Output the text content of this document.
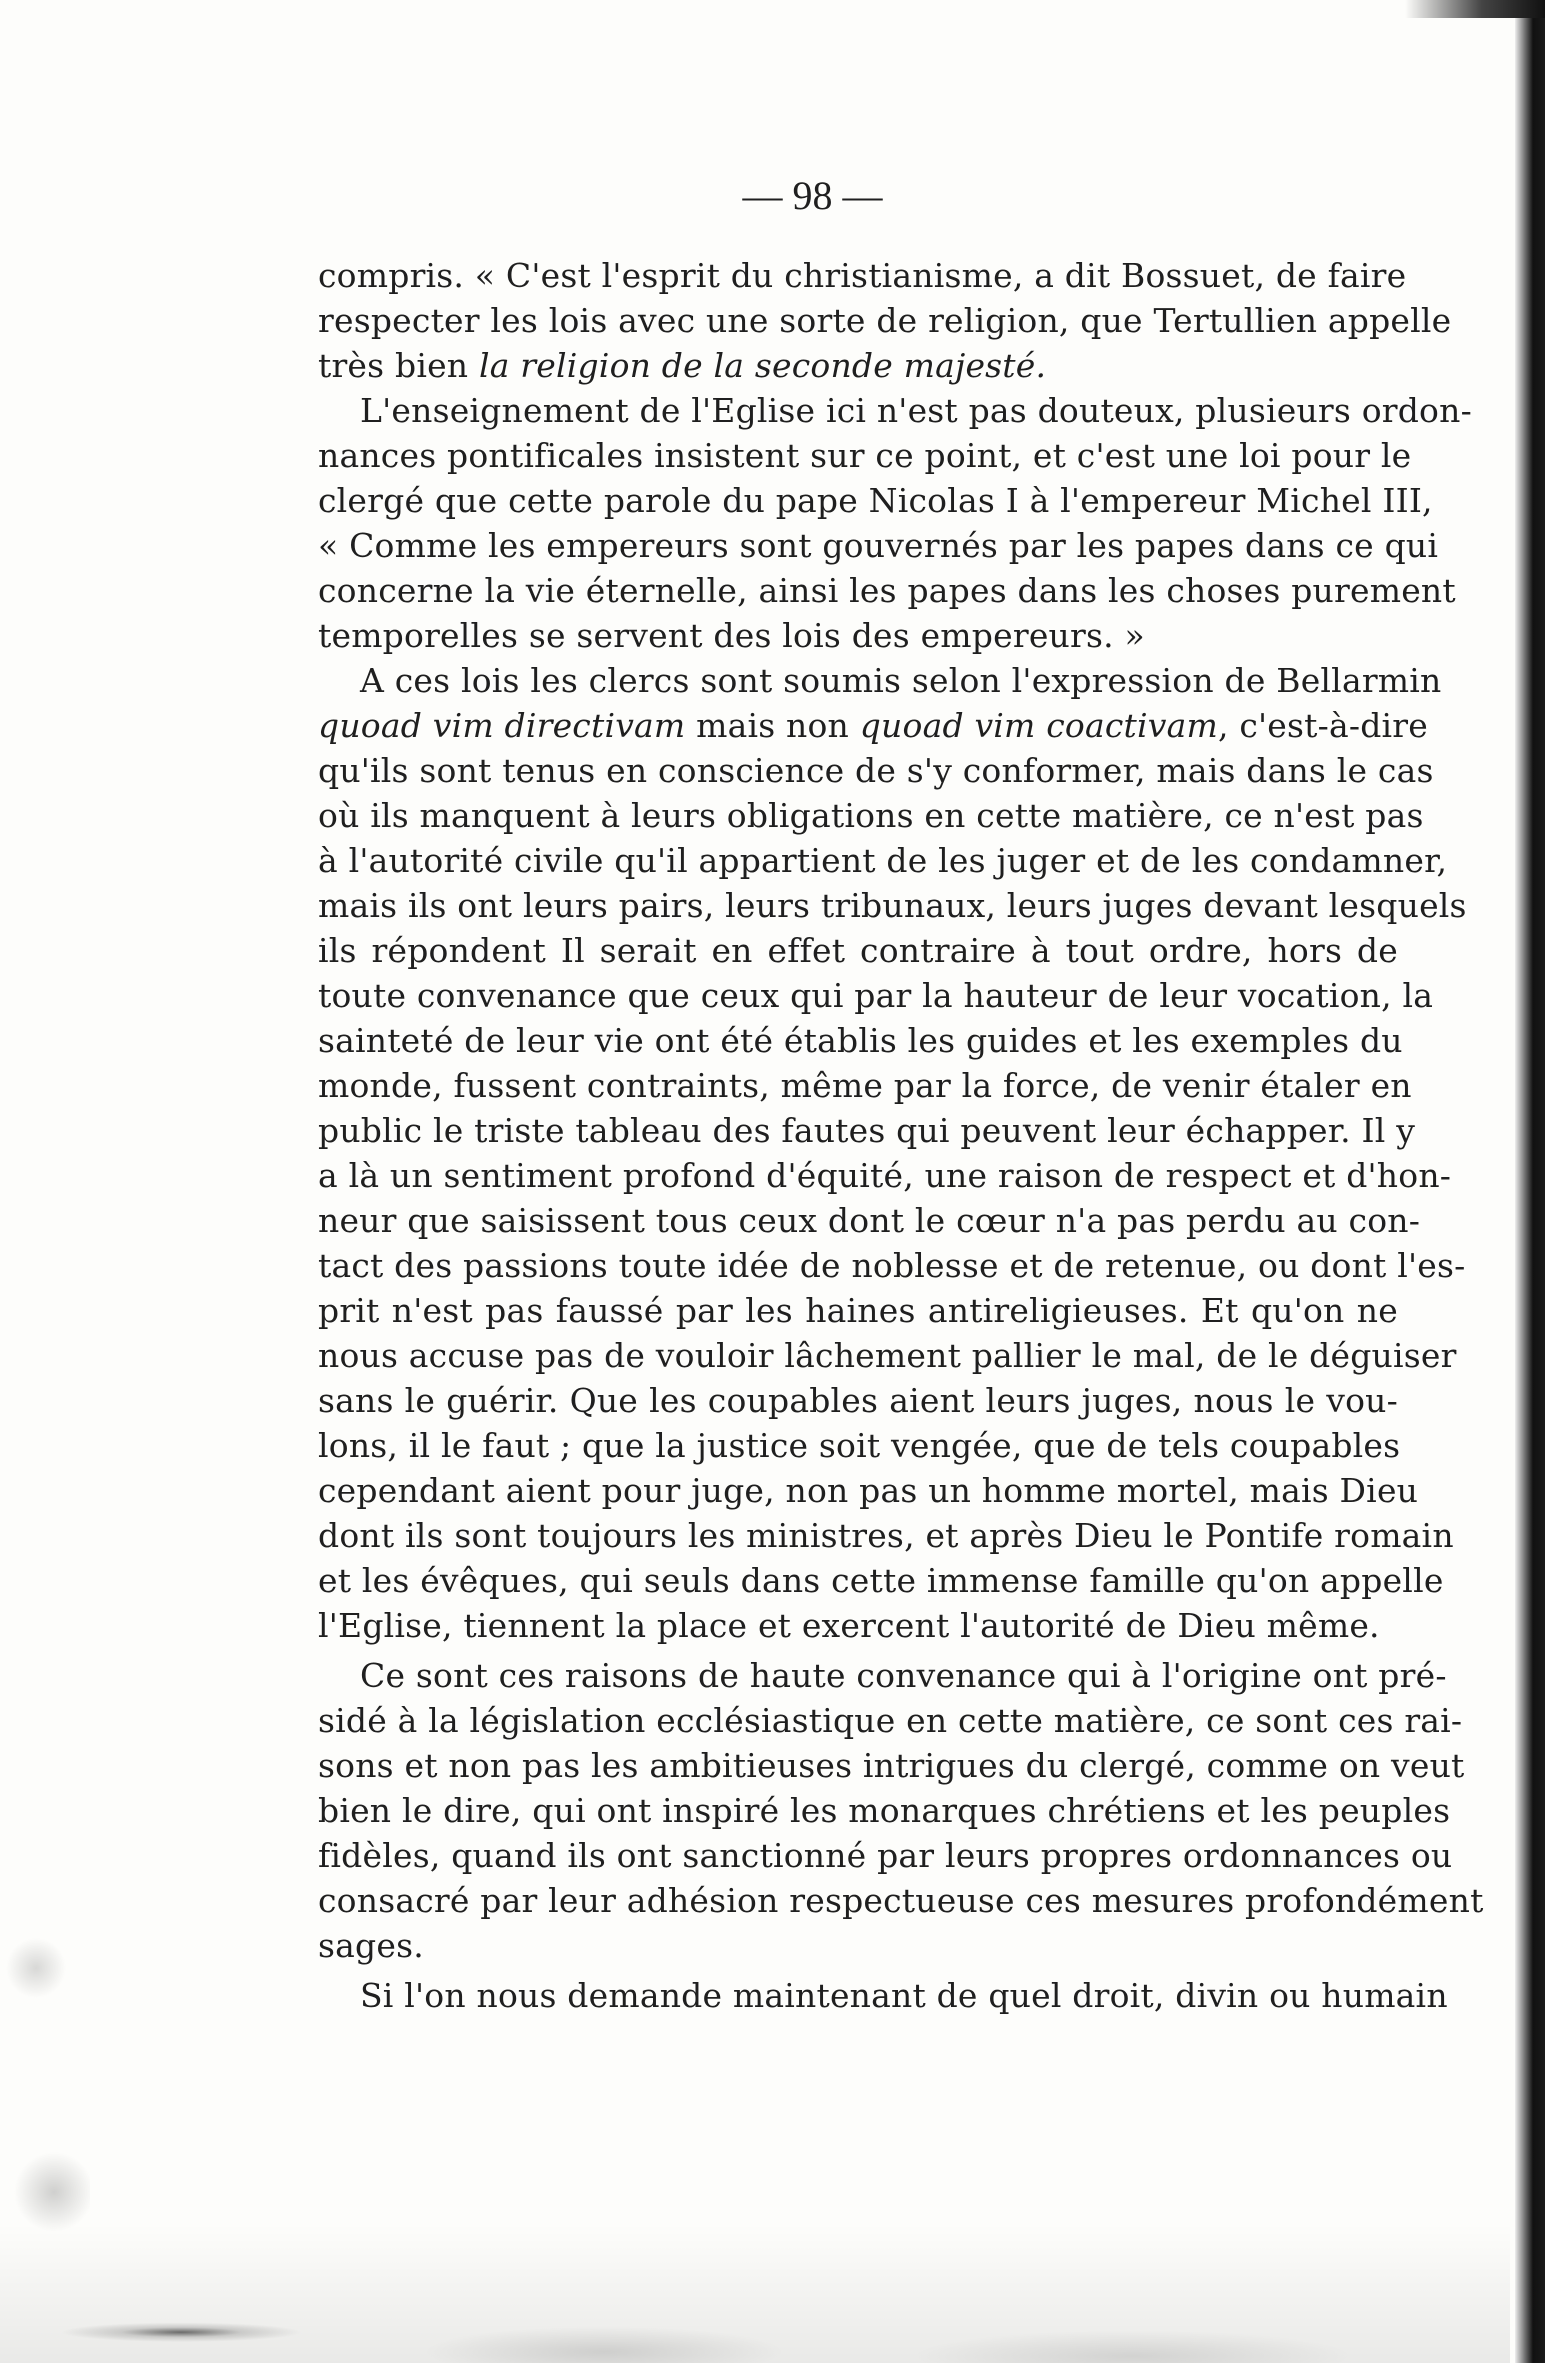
— 98 —
compris. « C'est l'esprit du christianisme, a dit Bossuet, de faire
respecter les lois avec une sorte de religion, que Tertullien appelle
très bien la religion de la seconde majesté.
L'enseignement de l'Eglise ici n'est pas douteux, plusieurs ordon-
nances pontificales insistent sur ce point, et c'est une loi pour le
clergé que cette parole du pape Nicolas I à l'empereur Michel III,
« Comme les empereurs sont gouvernés par les papes dans ce qui
concerne la vie éternelle, ainsi les papes dans les choses purement
temporelles se servent des lois des empereurs. »
A ces lois les clercs sont soumis selon l'expression de Bellarmin
quoad vim directivam mais non quoad vim coactivam, c'est-à-dire
qu'ils sont tenus en conscience de s'y conformer, mais dans le cas
où ils manquent à leurs obligations en cette matière, ce n'est pas
à l'autorité civile qu'il appartient de les juger et de les condamner,
mais ils ont leurs pairs, leurs tribunaux, leurs juges devant lesquels
ils répondent Il serait en effet contraire à tout ordre, hors de
toute convenance que ceux qui par la hauteur de leur vocation, la
sainteté de leur vie ont été établis les guides et les exemples du
monde, fussent contraints, même par la force, de venir étaler en
public le triste tableau des fautes qui peuvent leur échapper. Il y
a là un sentiment profond d'équité, une raison de respect et d'hon-
neur que saisissent tous ceux dont le cœur n'a pas perdu au con-
tact des passions toute idée de noblesse et de retenue, ou dont l'es-
prit n'est pas faussé par les haines antireligieuses. Et qu'on ne
nous accuse pas de vouloir lâchement pallier le mal, de le déguiser
sans le guérir. Que les coupables aient leurs juges, nous le vou-
lons, il le faut ; que la justice soit vengée, que de tels coupables
cependant aient pour juge, non pas un homme mortel, mais Dieu
dont ils sont toujours les ministres, et après Dieu le Pontife romain
et les évêques, qui seuls dans cette immense famille qu'on appelle
l'Eglise, tiennent la place et exercent l'autorité de Dieu même.
Ce sont ces raisons de haute convenance qui à l'origine ont pré-
sidé à la législation ecclésiastique en cette matière, ce sont ces rai-
sons et non pas les ambitieuses intrigues du clergé, comme on veut
bien le dire, qui ont inspiré les monarques chrétiens et les peuples
fidèles, quand ils ont sanctionné par leurs propres ordonnances ou
consacré par leur adhésion respectueuse ces mesures profondément
sages.
Si l'on nous demande maintenant de quel droit, divin ou humain
